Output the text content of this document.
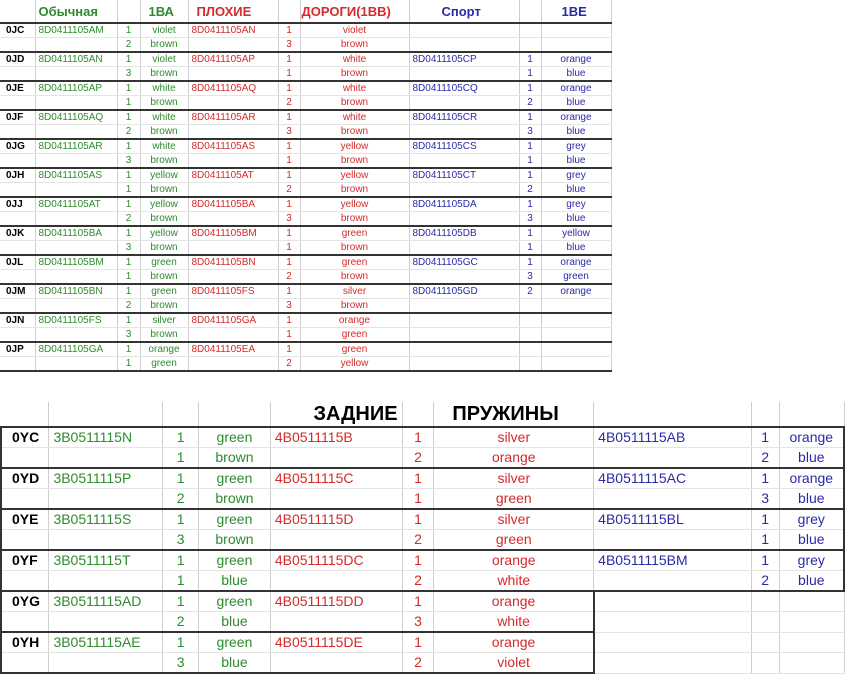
	Обычная		1ВА	ПЛОХИЕ		ДОРОГИ(1ВВ)	Спорт		1ВЕ
0JC	8D0411105AM	1	violet	8D0411105AN	1	violet			
		2	brown		3	brown			
0JD	8D0411105AN	1	violet	8D0411105AP	1	white	8D0411105CP	1	orange
		3	brown		1	brown		1	blue
0JE	8D0411105AP	1	white	8D0411105AQ	1	white	8D0411105CQ	1	orange
		1	brown		2	brown		2	blue
0JF	8D0411105AQ	1	white	8D0411105AR	1	white	8D0411105CR	1	orange
		2	brown		3	brown		3	blue
0JG	8D0411105AR	1	white	8D0411105AS	1	yellow	8D0411105CS	1	grey
		3	brown		1	brown		1	blue
0JH	8D0411105AS	1	yellow	8D0411105AT	1	yellow	8D0411105CT	1	grey
		1	brown		2	brown		2	blue
0JJ	8D0411105AT	1	yellow	8D0411105BA	1	yellow	8D0411105DA	1	grey
		2	brown		3	brown		3	blue
0JK	8D0411105BA	1	yellow	8D0411105BM	1	green	8D0411105DB	1	yellow
		3	brown		1	brown		1	blue
0JL	8D0411105BM	1	green	8D0411105BN	1	green	8D0411105GC	1	orange
		1	brown		2	brown		3	green
0JM	8D0411105BN	1	green	8D0411105FS	1	silver	8D0411105GD	2	orange
		2	brown		3	brown			
0JN	8D0411105FS	1	silver	8D0411105GA	1	orange			
		3	brown		1	green			
0JP	8D0411105GA	1	orange	8D0411105EA	1	green			
		1	green		2	yellow			
				ЗАДНИЕ		ПРУЖИНЫ			
0YC	3B0511115N	1	green	4B0511115B	1	silver	4B0511115AB	1	orange
		1	brown		2	orange		2	blue
0YD	3B0511115P	1	green	4B0511115C	1	silver	4B0511115AC	1	orange
		2	brown		1	green		3	blue
0YE	3B0511115S	1	green	4B0511115D	1	silver	4B0511115BL	1	grey
		3	brown		2	green		1	blue
0YF	3B0511115T	1	green	4B0511115DC	1	orange	4B0511115BM	1	grey
		1	blue		2	white		2	blue
0YG	3B0511115AD	1	green	4B0511115DD	1	orange			
		2	blue		3	white			
0YH	3B0511115AE	1	green	4B0511115DE	1	orange			
		3	blue		2	violet			
